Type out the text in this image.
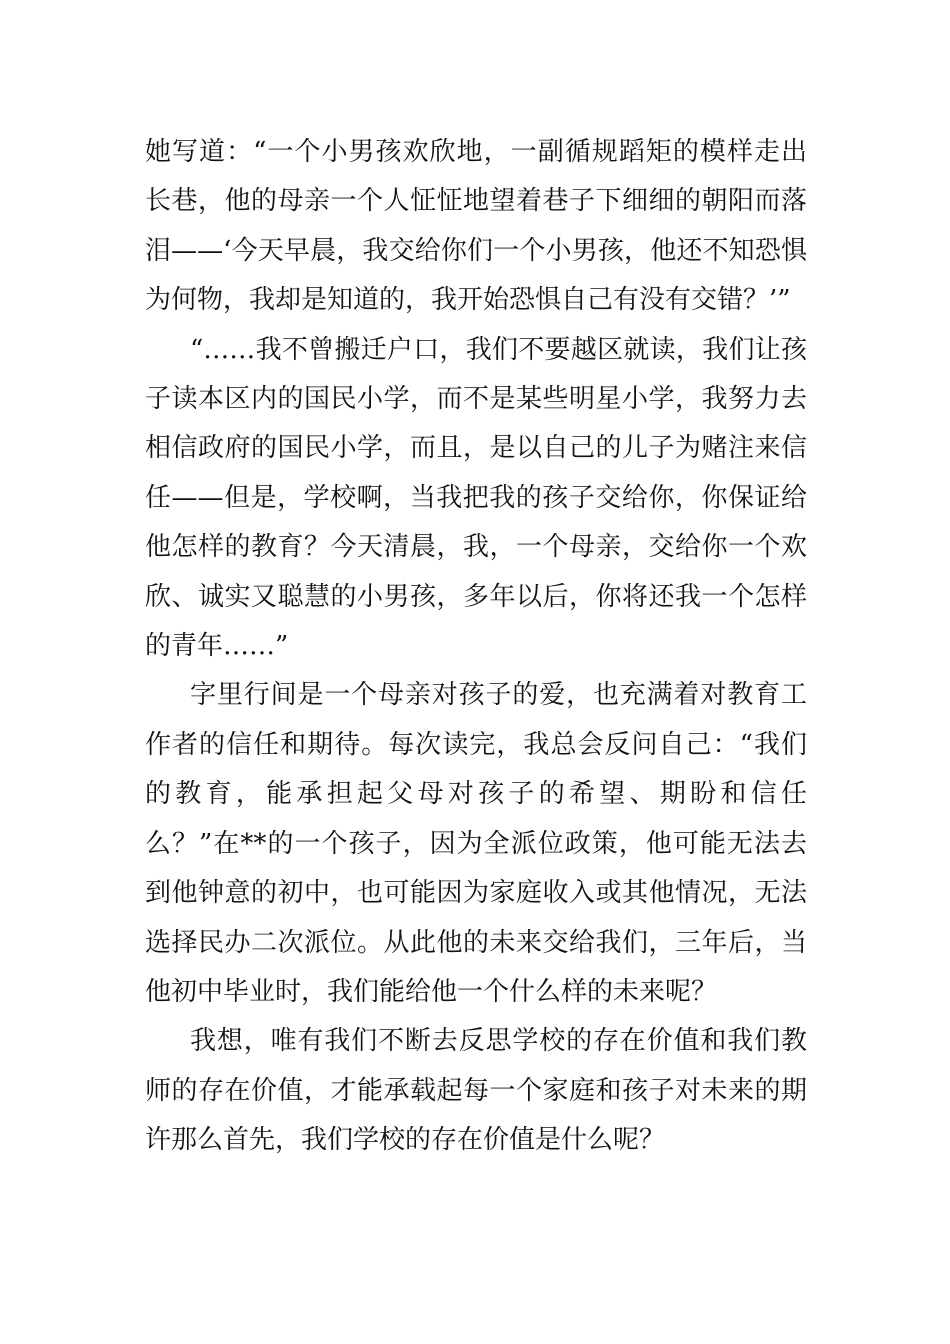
她写道：“一个小男孩欢欣地，一副循规蹈矩的模样走出长巷，他的母亲一个人怔怔地望着巷子下细细的朝阳而落泪——‘今天早晨，我交给你们一个小男孩，他还不知恐惧为何物，我却是知道的，我开始恐惧自己有没有交错？’”

“……我不曾搬迁户口，我们不要越区就读，我们让孩子读本区内的国民小学，而不是某些明星小学，我努力去相信政府的国民小学，而且，是以自己的儿子为赌注来信任——但是，学校啊，当我把我的孩子交给你，你保证给他怎样的教育？今天清晨，我，一个母亲，交给你一个欢欣、诚实又聪慧的小男孩，多年以后，你将还我一个怎样的青年……”

字里行间是一个母亲对孩子的爱，也充满着对教育工作者的信任和期待。每次读完，我总会反问自己：“我们的教育，能承担起父母对孩子的希望、期盼和信任么？”在**的一个孩子，因为全派位政策，他可能无法去到他钟意的初中，也可能因为家庭收入或其他情况，无法选择民办二次派位。从此他的未来交给我们，三年后，当他初中毕业时，我们能给他一个什么样的未来呢？

我想，唯有我们不断去反思学校的存在价值和我们教师的存在价值，才能承载起每一个家庭和孩子对未来的期许那么首先，我们学校的存在价值是什么呢？
